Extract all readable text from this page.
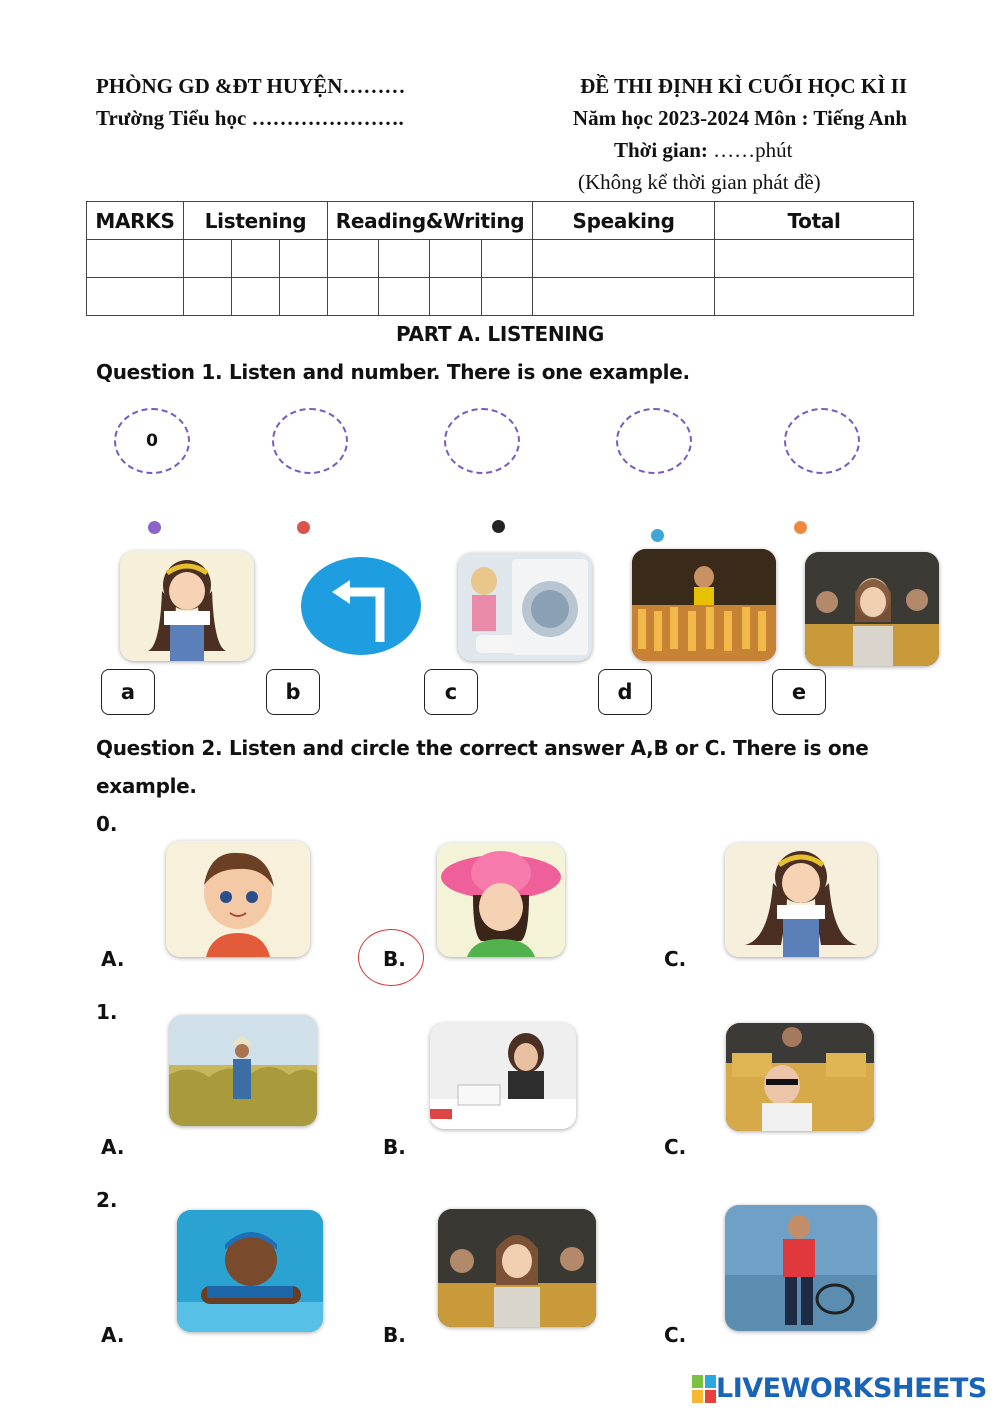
PHÒNG GD &ĐT HUYỆN………
Trường Tiểu học ………………….
ĐỀ THI ĐỊNH KÌ CUỐI HỌC KÌ II
Năm học 2023-2024 Môn : Tiếng Anh
Thời gian: ……phút
(Không kể thời gian phát đề)
MARKS	Listening			Reading&Writing				Speaking	Total

PART A. LISTENING
Question 1. Listen and number. There is one example.
0
a	b	c	d	e
Question 2. Listen and circle the correct answer A,B or C. There is one
example.
0.
A.	B.	C.
1.
A.	B.	C.
2.
A.	B.	C.
LIVEWORKSHEETS
